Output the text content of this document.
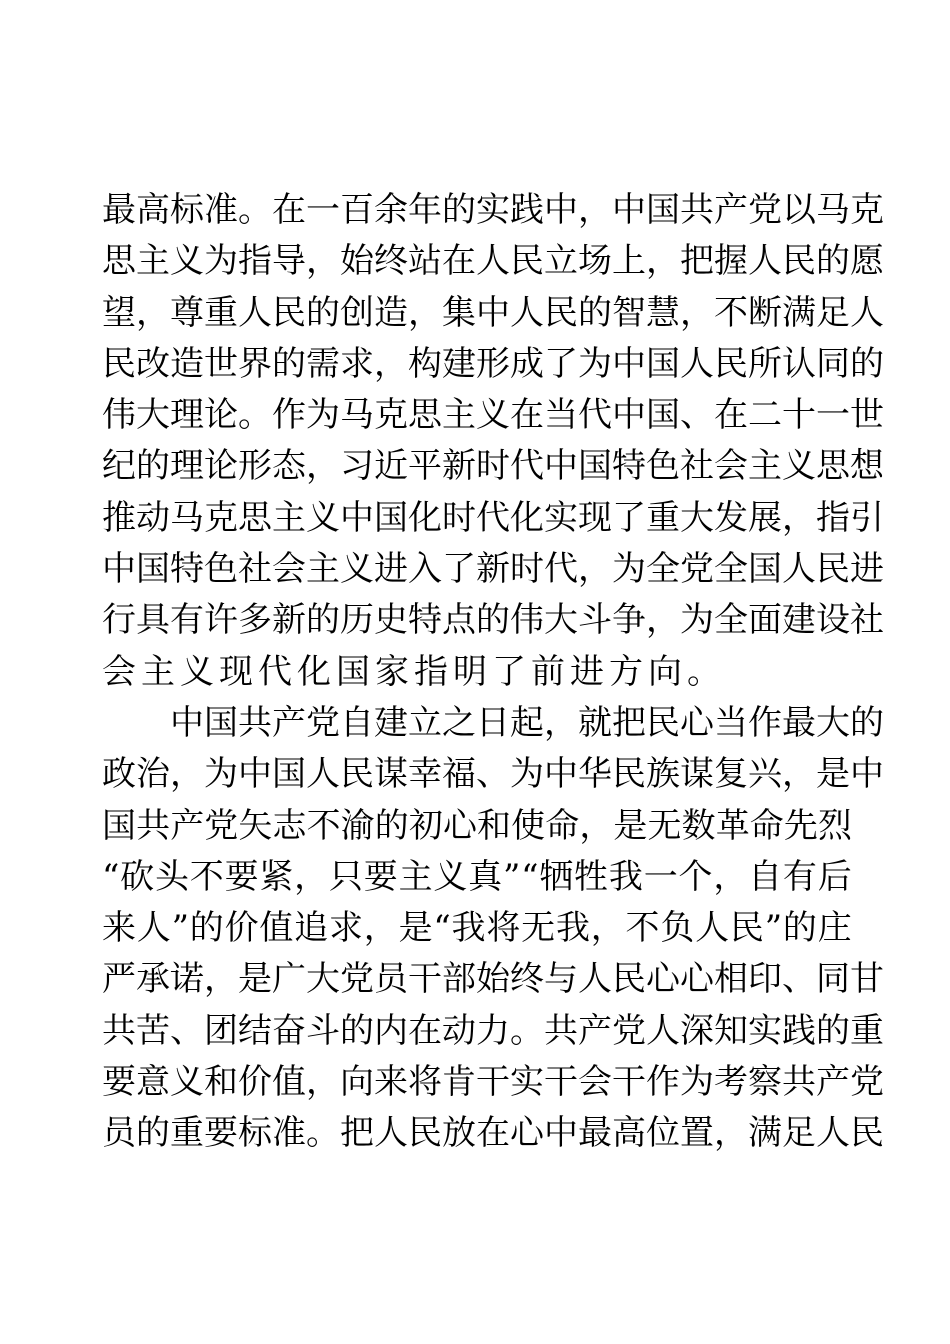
最 高 标 准 。 在 一 百 余 年 的 实 践 中 ， 中 国 共 产 党 以 马 克
思 主 义 为 指 导 ， 始 终 站 在 人 民 立 场 上 ， 把 握 人 民 的 愿
望 ， 尊 重 人 民 的 创 造 ， 集 中 人 民 的 智 慧 ， 不 断 满 足 人
民 改 造 世 界 的 需 求 ， 构 建 形 成 了 为 中 国 人 民 所 认 同 的
伟 大 理 论 。 作 为 马 克 思 主 义 在 当 代 中 国 、 在 二 十 一 世
纪 的 理 论 形 态 ， 习 近 平 新 时 代 中 国 特 色 社 会 主 义 思 想
推 动 马 克 思 主 义 中 国 化 时 代 化 实 现 了 重 大 发 展 ， 指 引
中 国 特 色 社 会 主 义 进 入 了 新 时 代 ， 为 全 党 全 国 人 民 进
行 具 有 许 多 新 的 历 史 特 点 的 伟 大 斗 争 ， 为 全 面 建 设 社
会主义现代化国家指明了前进方向。

中 国 共 产 党 自 建 立 之 日 起 ， 就 把 民 心 当 作 最 大 的
政 治 ， 为 中 国 人 民 谋 幸 福 、 为 中 华 民 族 谋 复 兴 ， 是 中
国 共 产 党 矢 志 不 渝 的 初 心 和 使 命 ， 是 无 数 革 命 先 烈
“ 砍 头 不 要 紧 ， 只 要 主 义 真 ” “ 牺 牲 我 一 个 ， 自 有 后
来 人 ” 的 价 值 追 求 ， 是 “ 我 将 无 我 ， 不 负 人 民 ” 的 庄
严 承 诺 ， 是 广 大 党 员 干 部 始 终 与 人 民 心 心 相 印 、 同 甘
共 苦 、 团 结 奋 斗 的 内 在 动 力 。 共 产 党 人 深 知 实 践 的 重
要 意 义 和 价 值 ， 向 来 将 肯 干 实 干 会 干 作 为 考 察 共 产 党
员 的 重 要 标 准 。 把 人 民 放 在 心 中 最 高 位 置 ， 满 足 人 民
